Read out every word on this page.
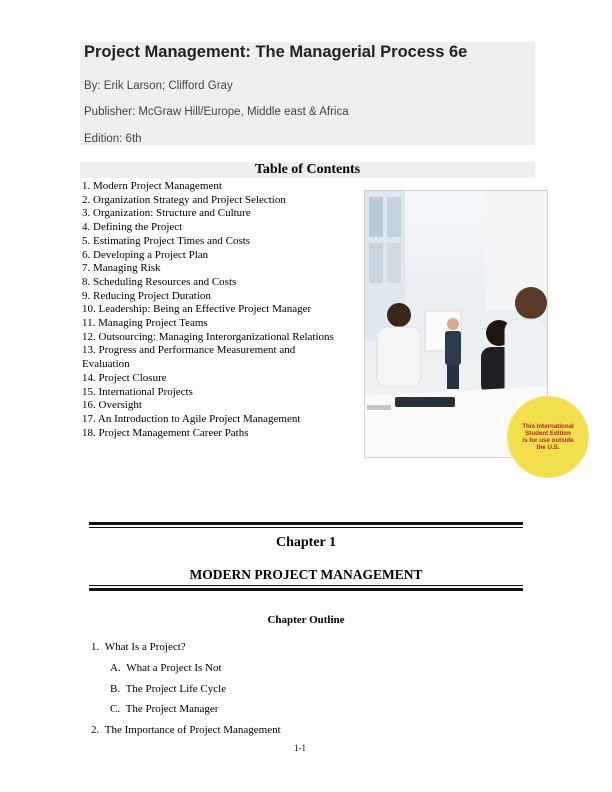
Project Management: The Managerial Process 6e
By: Erik Larson; Clifford Gray
Publisher: McGraw Hill/Europe, Middle east & Africa
Edition: 6th
Table of Contents
1. Modern Project Management
2. Organization Strategy and Project Selection
3. Organization: Structure and Culture
4. Defining the Project
5. Estimating Project Times and Costs
6. Developing a Project Plan
7. Managing Risk
8. Scheduling Resources and Costs
9. Reducing Project Duration
10. Leadership: Being an Effective Project Manager
11. Managing Project Teams
12. Outsourcing: Managing Interorganizational Relations
13. Progress and Performance Measurement and Evaluation
14. Project Closure
15. International Projects
16. Oversight
17. An Introduction to Agile Project Management
18. Project Management Career Paths
This International Student Edition is for use outside the U.S.
Chapter 1
MODERN PROJECT MANAGEMENT
Chapter Outline
1. What Is a Project?
A. What a Project Is Not
B. The Project Life Cycle
C. The Project Manager
2. The Importance of Project Management
1-1
